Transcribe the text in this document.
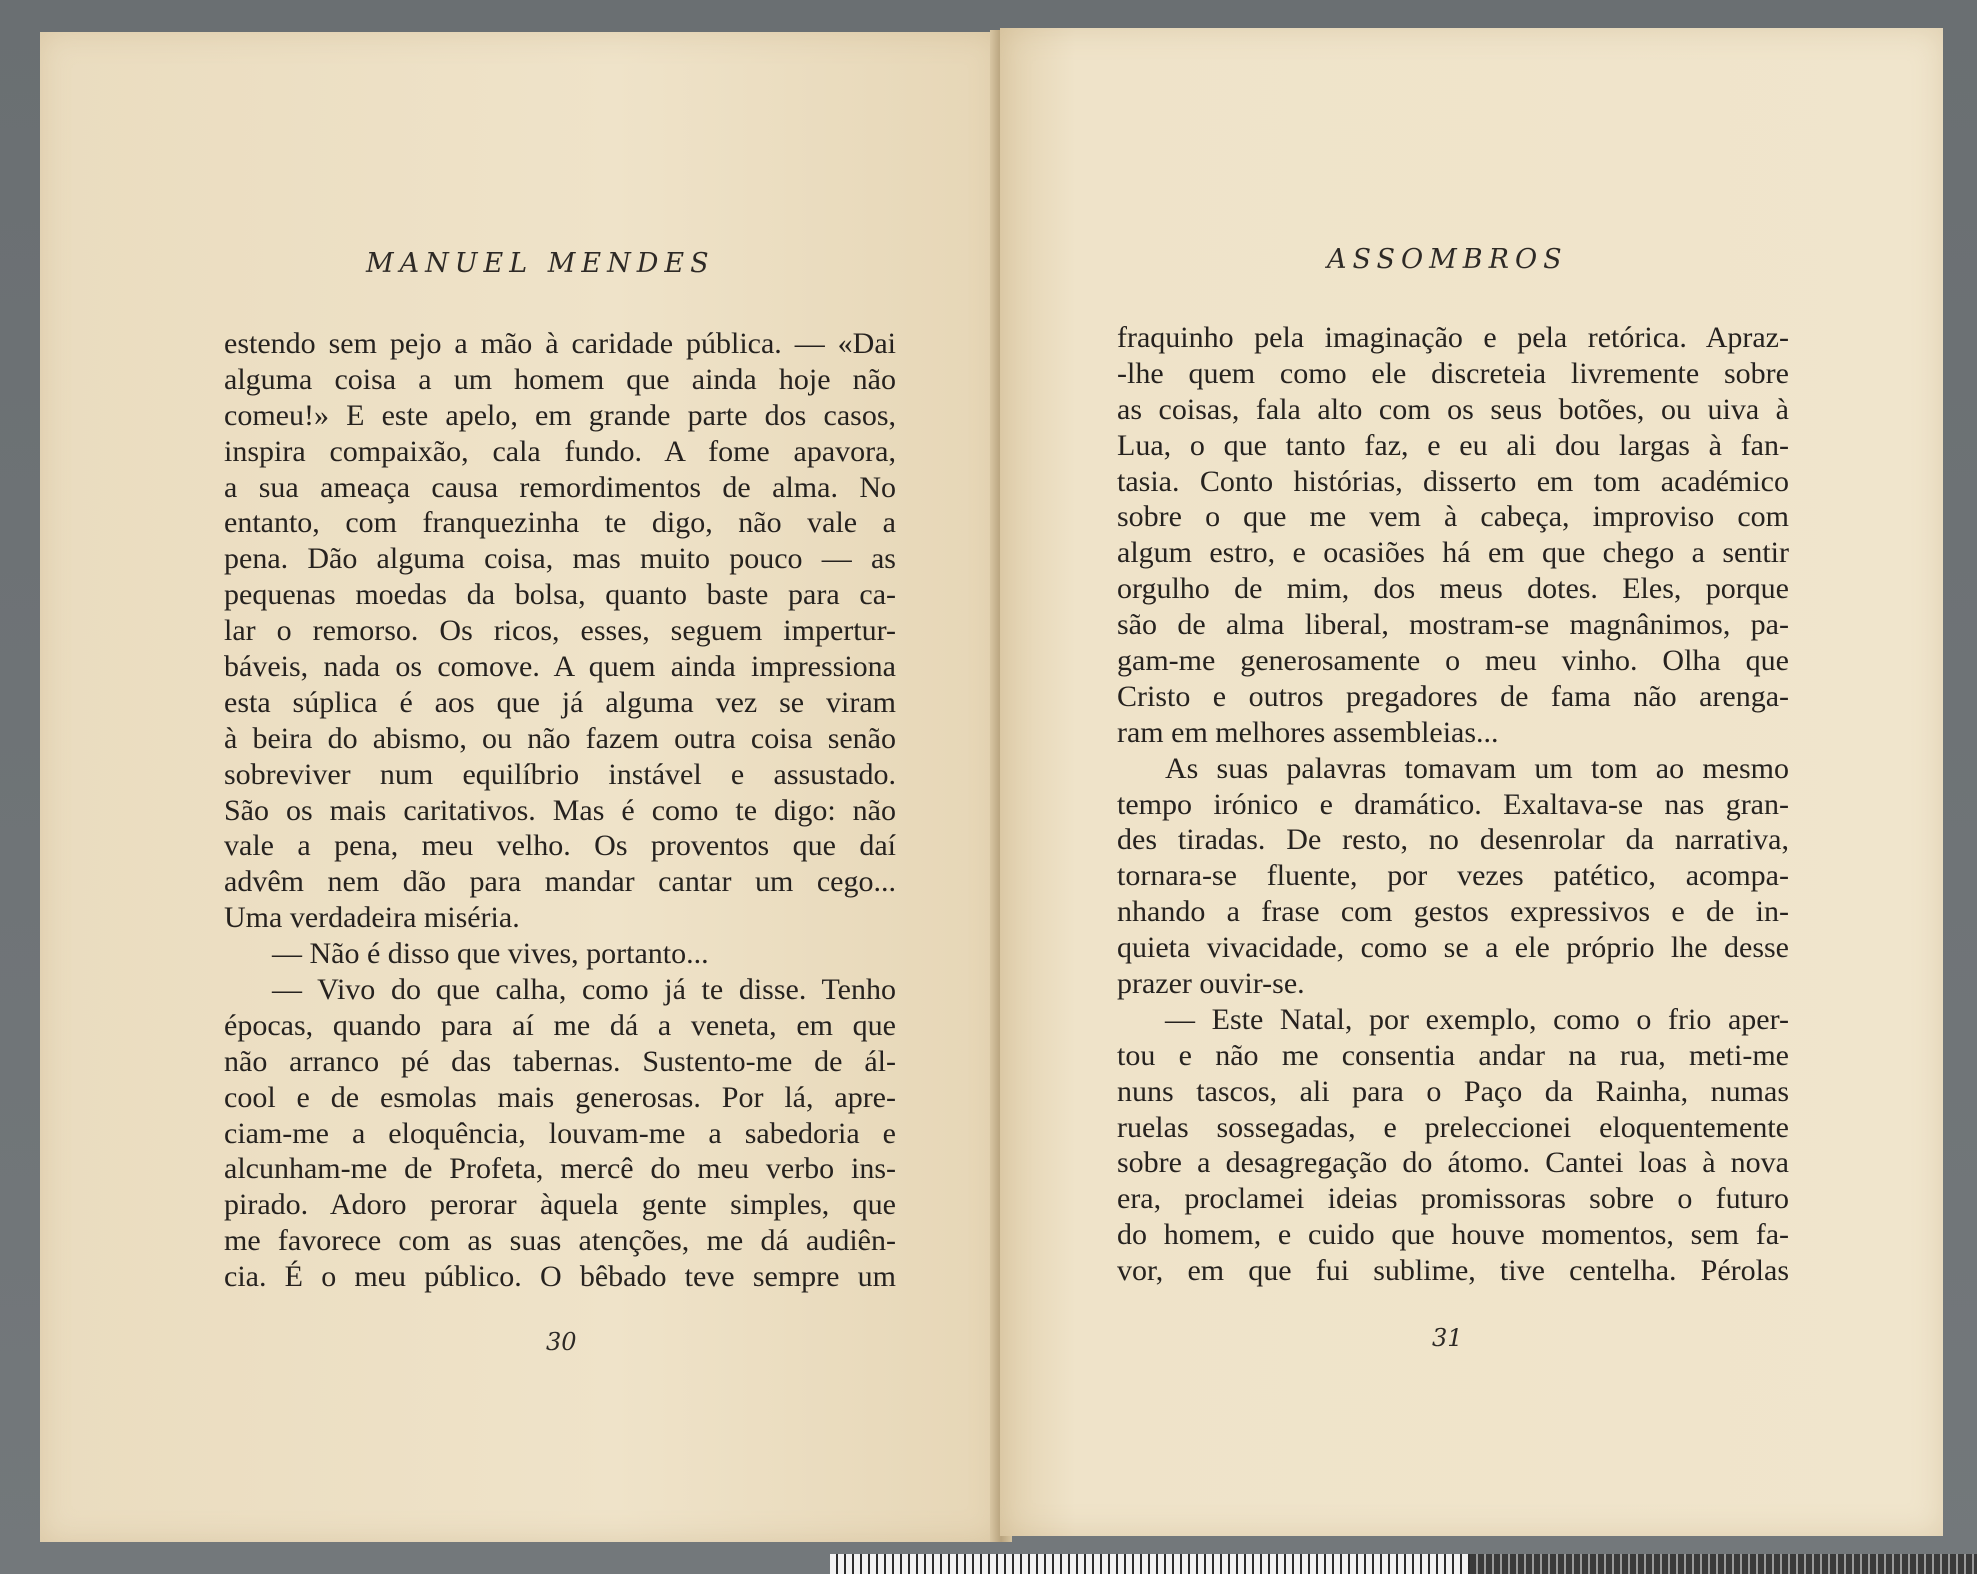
MANUEL MENDES
estendo sem pejo a mão à caridade pública. — «Dai
alguma coisa a um homem que ainda hoje não
comeu!» E este apelo, em grande parte dos casos,
inspira compaixão, cala fundo. A fome apavora,
a sua ameaça causa remordimentos de alma. No
entanto, com franquezinha te digo, não vale a
pena. Dão alguma coisa, mas muito pouco — as
pequenas moedas da bolsa, quanto baste para ca-
lar o remorso. Os ricos, esses, seguem impertur-
báveis, nada os comove. A quem ainda impressiona
esta súplica é aos que já alguma vez se viram
à beira do abismo, ou não fazem outra coisa senão
sobreviver num equilíbrio instável e assustado.
São os mais caritativos. Mas é como te digo: não
vale a pena, meu velho. Os proventos que daí
advêm nem dão para mandar cantar um cego...
Uma verdadeira miséria.
— Não é disso que vives, portanto...
— Vivo do que calha, como já te disse. Tenho
épocas, quando para aí me dá a veneta, em que
não arranco pé das tabernas. Sustento-me de ál-
cool e de esmolas mais generosas. Por lá, apre-
ciam-me a eloquência, louvam-me a sabedoria e
alcunham-me de Profeta, mercê do meu verbo ins-
pirado. Adoro perorar àquela gente simples, que
me favorece com as suas atenções, me dá audiên-
cia. É o meu público. O bêbado teve sempre um
30
ASSOMBROS
fraquinho pela imaginação e pela retórica. Apraz-
-lhe quem como ele discreteia livremente sobre
as coisas, fala alto com os seus botões, ou uiva à
Lua, o que tanto faz, e eu ali dou largas à fan-
tasia. Conto histórias, disserto em tom académico
sobre o que me vem à cabeça, improviso com
algum estro, e ocasiões há em que chego a sentir
orgulho de mim, dos meus dotes. Eles, porque
são de alma liberal, mostram-se magnânimos, pa-
gam-me generosamente o meu vinho. Olha que
Cristo e outros pregadores de fama não arenga-
ram em melhores assembleias...
As suas palavras tomavam um tom ao mesmo
tempo irónico e dramático. Exaltava-se nas gran-
des tiradas. De resto, no desenrolar da narrativa,
tornara-se fluente, por vezes patético, acompa-
nhando a frase com gestos expressivos e de in-
quieta vivacidade, como se a ele próprio lhe desse
prazer ouvir-se.
— Este Natal, por exemplo, como o frio aper-
tou e não me consentia andar na rua, meti-me
nuns tascos, ali para o Paço da Rainha, numas
ruelas sossegadas, e preleccionei eloquentemente
sobre a desagregação do átomo. Cantei loas à nova
era, proclamei ideias promissoras sobre o futuro
do homem, e cuido que houve momentos, sem fa-
vor, em que fui sublime, tive centelha. Pérolas
31
